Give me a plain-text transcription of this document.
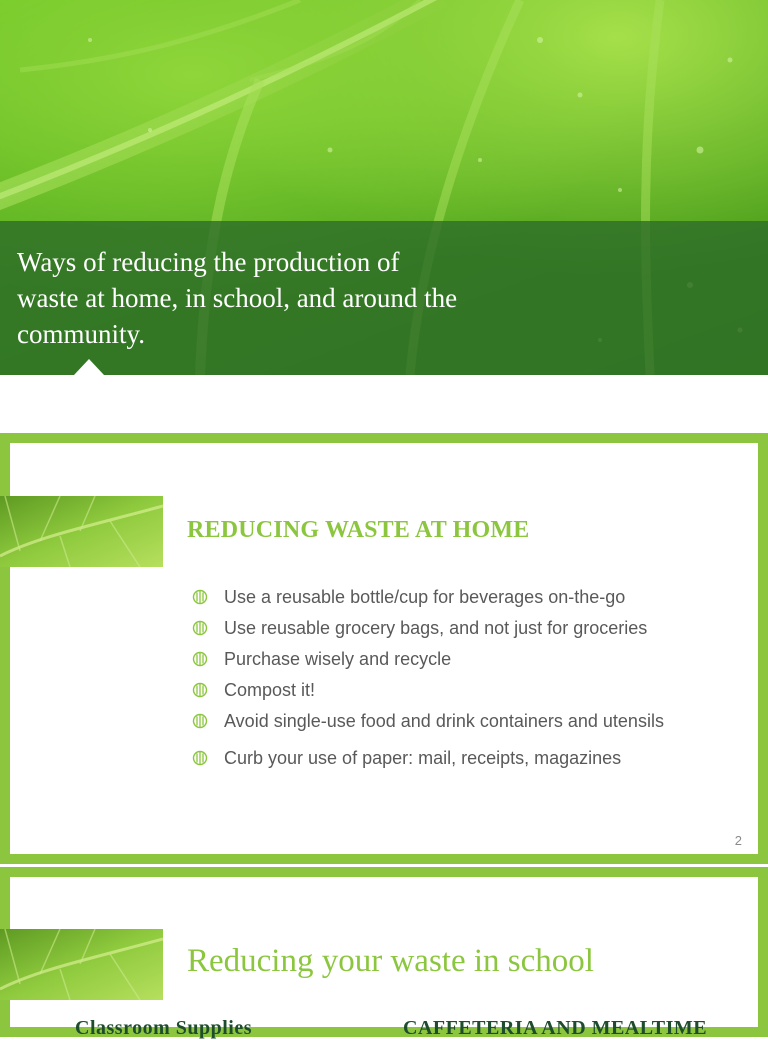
Ways of reducing the production of
waste at home, in school, and around the
community.
REDUCING WASTE AT HOME
Use a reusable bottle/cup for beverages on-the-go
Use reusable grocery bags, and not just for groceries
Purchase wisely and recycle
Compost it!
Avoid single-use food and drink containers and utensils
Curb your use of paper: mail, receipts, magazines
2
Reducing your waste in school
Classroom Supplies	CAFFETERIA AND MEALTIME
